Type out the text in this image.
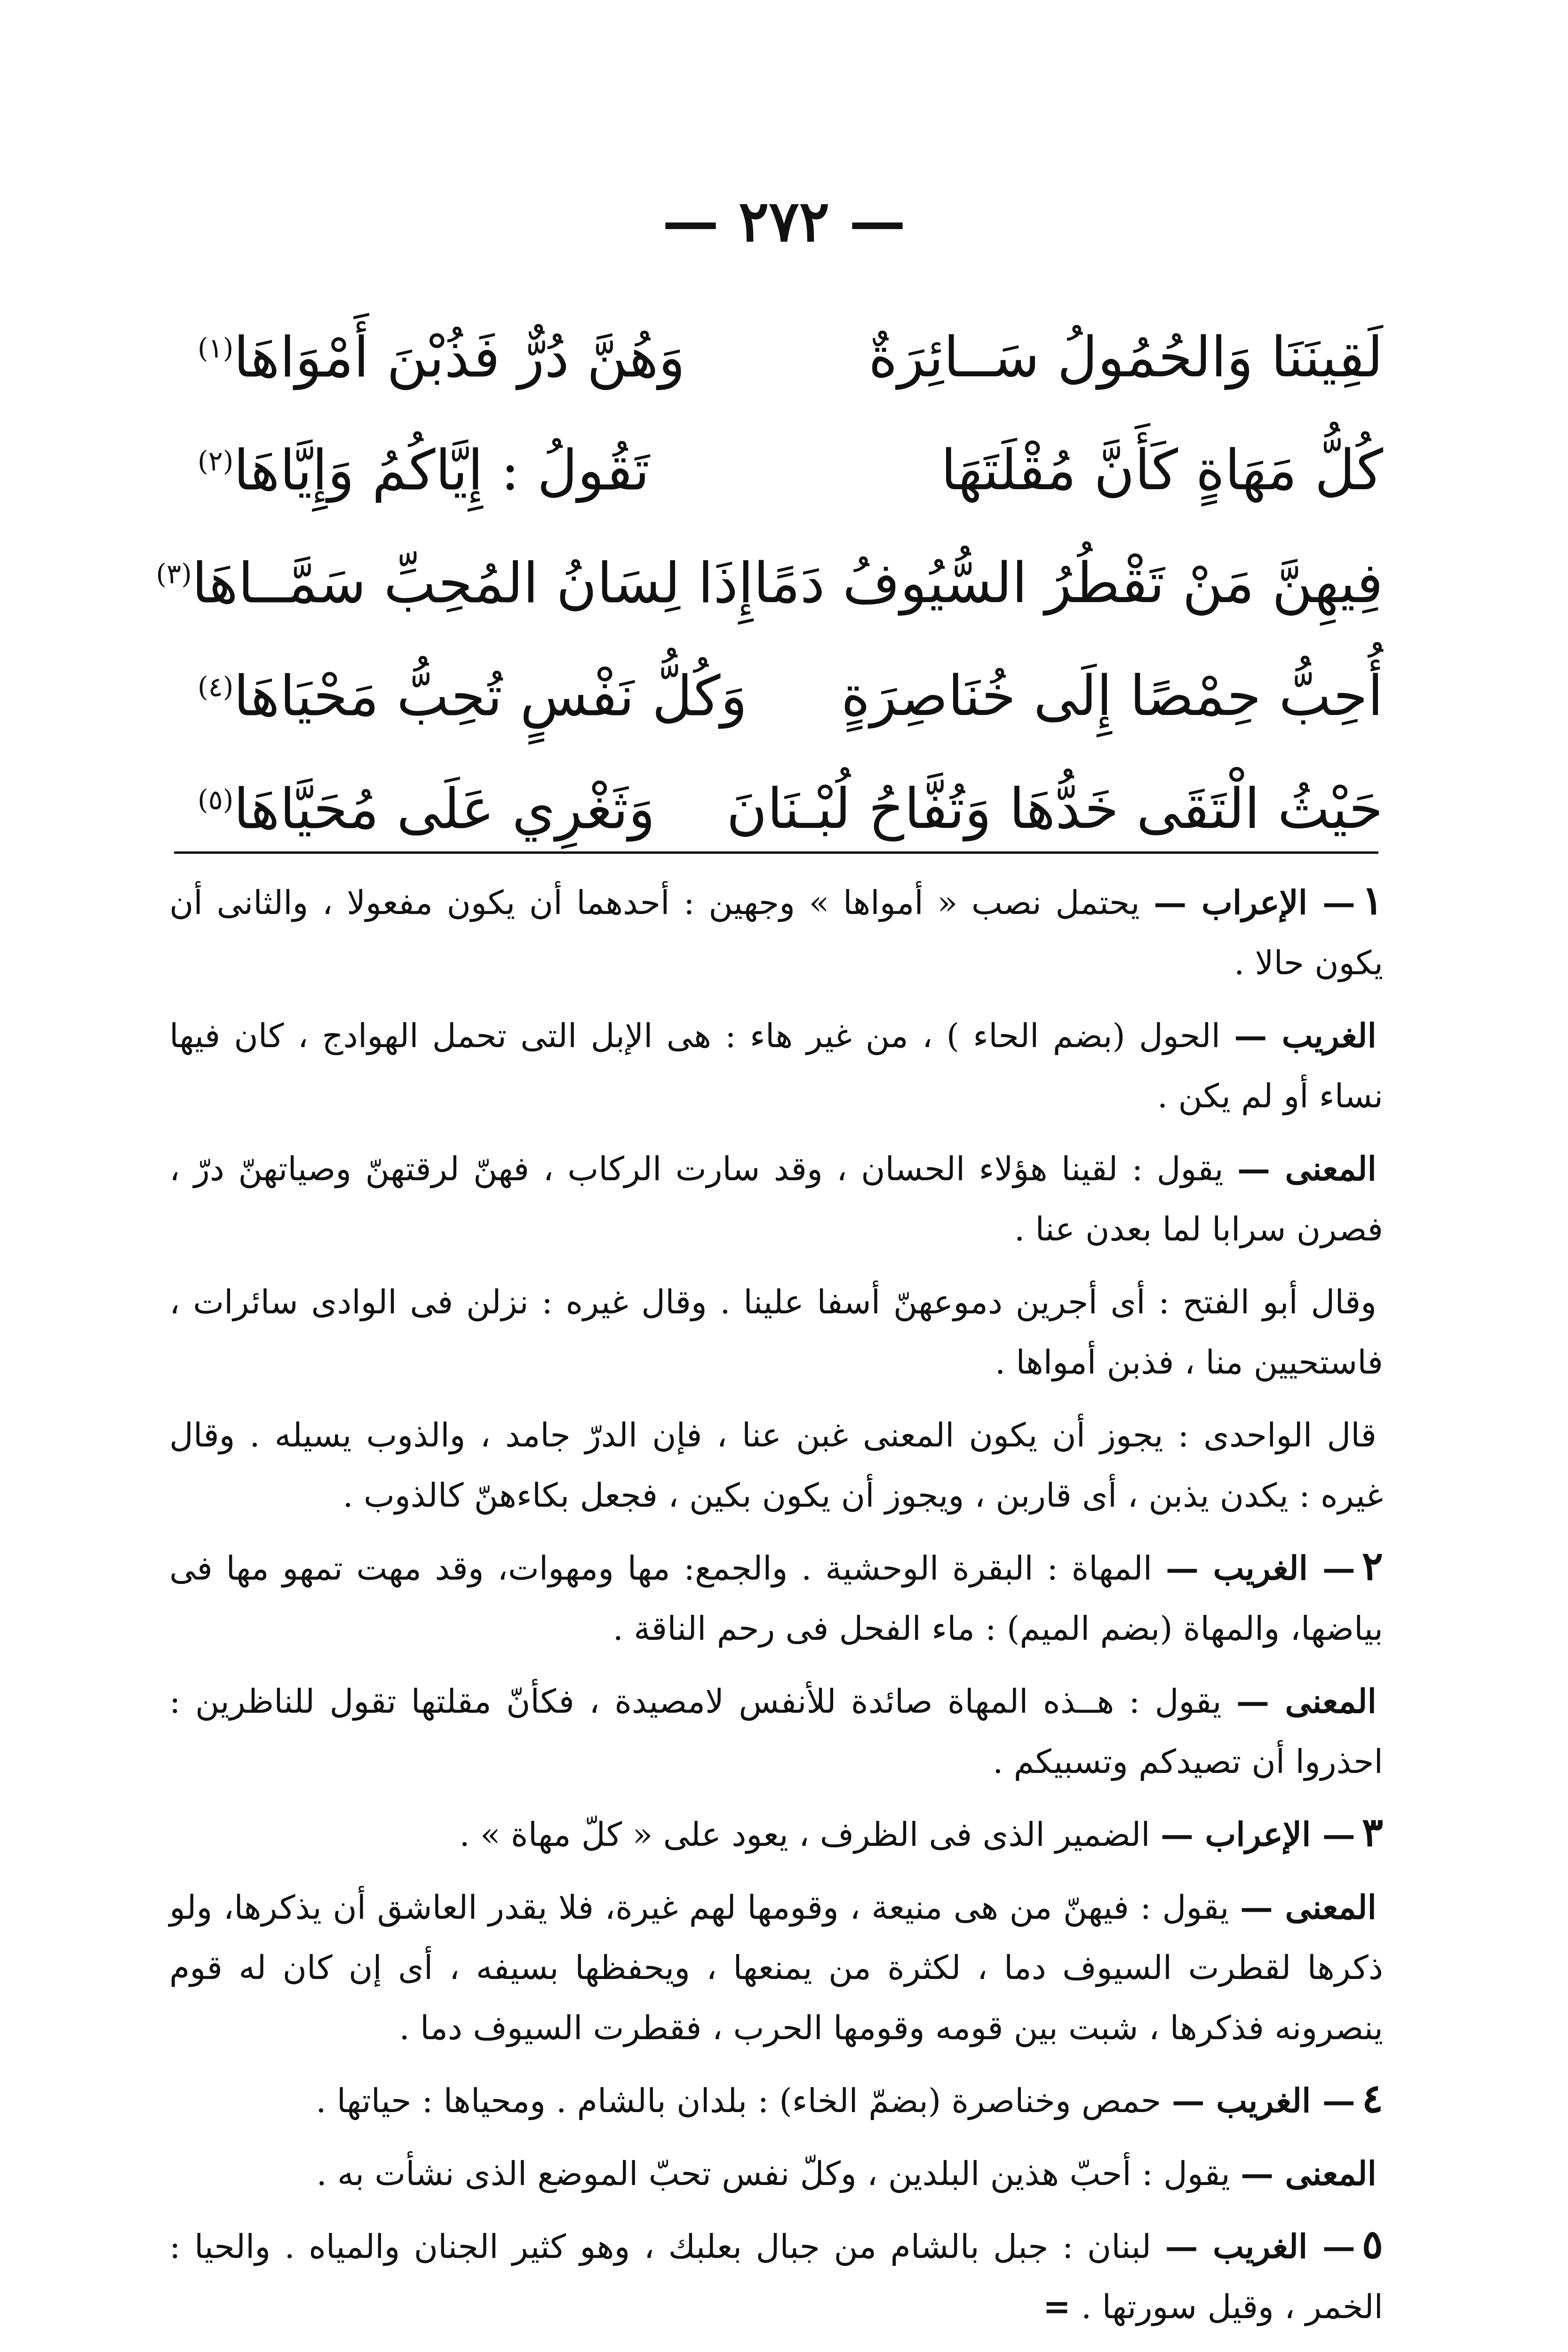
— ٢٧٢ —
لَقِينَنَا وَالحُمُولُ سَــائِرَةٌ
وَهُنَّ دُرٌّ فَذُبْنَ أَمْوَاهَا$^{(١)}$
كُلُّ مَهَاةٍ كَأَنَّ مُقْلَتَهَا
تَقُولُ : إِيَّاكُمُ وَإِيَّاهَا$^{(٢)}$
فِيهِنَّ مَنْ تَقْطُرُ السُّيُوفُ دَمًا
إِذَا لِسَانُ المُحِبِّ سَمَّــاهَا$^{(٣)}$
أُحِبُّ حِمْصًا إِلَى خُنَاصِرَةٍ
وَكُلُّ نَفْسٍ تُحِبُّ مَحْيَاهَا$^{(٤)}$
حَيْثُ الْتَقَى خَدُّهَا وَتُفَّاحُ لُبْـنَانَ
وَثَغْرِي عَلَى مُحَيَّاهَا$^{(٥)}$

١— الإعراب — يحتمل نصب « أمواها » وجهين : أحدهما أن يكون مفعولا ، والثانى أن يكون حالا .

الغريب — الحول (بضم الحاء ) ، من غير هاء : هى الإبل التى تحمل الهوادج ، كان فيها نساء أو لم يكن .

المعنى — يقول : لقينا هؤلاء الحسان ، وقد سارت الركاب ، فهنّ لرقتهنّ وصياتهنّ درّ ، فصرن سرابا لما بعدن عنا .

وقال أبو الفتح : أى أجرين دموعهنّ أسفا علينا . وقال غيره : نزلن فى الوادى سائرات ، فاستحيين منا ، فذبن أمواها .

قال الواحدى : يجوز أن يكون المعنى غبن عنا ، فإن الدرّ جامد ، والذوب يسيله . وقال غيره : يكدن يذبن ، أى قاربن ، ويجوز أن يكون بكين ، فجعل بكاءهنّ كالذوب .

٢— الغريب — المهاة : البقرة الوحشية . والجمع: مها ومهوات، وقد مهت تمهو مها فى بياضها، والمهاة (بضم الميم) : ماء الفحل فى رحم الناقة .

المعنى — يقول : هــذه المهاة صائدة للأنفس لامصيدة ، فكأنّ مقلتها تقول للناظرين : احذروا أن تصيدكم وتسبيكم .

٣— الإعراب — الضمير الذى فى الظرف ، يعود على « كلّ مهاة » .

المعنى — يقول : فيهنّ من هى منيعة ، وقومها لهم غيرة، فلا يقدر العاشق أن يذكرها، ولو ذكرها لقطرت السيوف دما ، لكثرة من يمنعها ، ويحفظها بسيفه ، أى إن كان له قوم ينصرونه فذكرها ، شبت بين قومه وقومها الحرب ، فقطرت السيوف دما .

٤— الغريب — حمص وخناصرة (بضمّ الخاء) : بلدان بالشام . ومحياها : حياتها .

المعنى — يقول : أحبّ هذين البلدين ، وكلّ نفس تحبّ الموضع الذى نشأت به .

٥— الغريب — لبنان : جبل بالشام من جبال بعلبك ، وهو كثير الجنان والمياه . والحيا : الخمر ، وقيل سورتها . =
